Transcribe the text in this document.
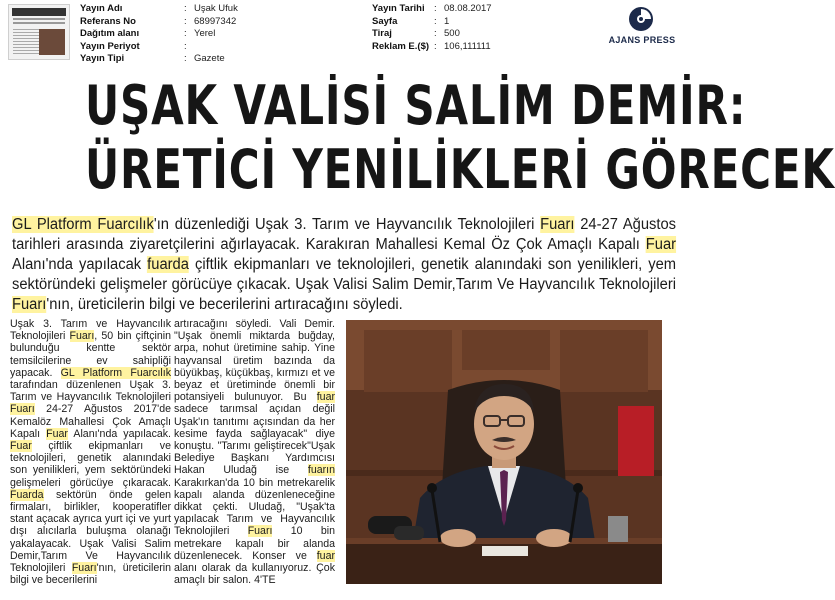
Yayın Adı	: Uşak Ufuk
Referans No	: 68997342
Dağıtım alanı	: Yerel
Yayın Periyot	:
Yayın Tipi	: Gazete
Yayın Tarihi : 08.08.2017
Sayfa	: 1
Tiraj	: 500
Reklam E.($) : 106,111111
AJANS PRESS
UŞAK VALİSİ SALİM DEMİR:
ÜRETİCİ YENİLİKLERİ GÖRECEK
GL Platform Fuarcılık'ın düzenlediği Uşak 3. Tarım ve Hayvancılık Teknolojileri Fuarı 24-27 Ağustos tarihleri arasında ziyaretçilerini ağırlayacak. Karakıran Mahallesi Kemal Öz Çok Amaçlı Kapalı Fuar Alanı'nda yapılacak fuarda çiftlik ekipmanları ve teknolojileri, genetik alanındaki son yenilikleri, yem sektöründeki gelişmeler görücüye çıkacak. Uşak Valisi Salim Demir,Tarım Ve Hayvancılık Teknolojileri Fuarı'nın, üreticilerin bilgi ve becerilerini artıracağını söyledi.
Uşak 3. Tarım ve Hayvancılık Teknolojileri Fuarı, 50 bin çiftçinin bulunduğu kentte sektör temsilcilerine ev sahipliği yapacak. GL Platform Fuarcılık tarafından düzenlenen Uşak 3. Tarım ve Hayvancılık Teknolojileri Fuarı 24-27 Ağustos 2017'de Kemalöz Mahallesi Çok Amaçlı Kapalı Fuar Alanı'nda yapılacak. Fuar çiftlik ekipmanları ve teknolojileri, genetik alanındaki son yenilikleri, yem sektöründeki gelişmeleri görücüye çıkaracak. Fuarda sektörün önde gelen firmaları, birlikler, kooperatifler stant açacak ayrıca yurt içi ve yurt dışı alıcılarla buluşma olanağı yakalayacak. Uşak Valisi Salim Demir,Tarım Ve Hayvancılık Teknolojileri Fuarı'nın, üreticilerin bilgi ve becerilerini
artıracağını söyledi. Vali Demir. "Uşak önemli miktarda buğday, arpa, nohut üretimine sahip. Yine hayvansal üretim bazında da büyükbaş, küçükbaş, kırmızı et ve beyaz et üretiminde önemli bir potansiyeli bulunuyor. Bu fuar sadece tarımsal açıdan değil Uşak'ın tanıtımı açısından da her kesime fayda sağlayacak" diye konuştu. "Tarımı geliştirecek"Uşak Belediye Başkanı Yardımcısı Hakan Uludağ ise fuarın Karakırkan'da 10 bin metrekarelik kapalı alanda düzenleneceğine dikkat çekti. Uludağ, "Uşak'ta yapılacak Tarım ve Hayvancılık Teknolojileri Fuarı 10 bin metrekare kapalı bir alanda düzenlenecek. Konser ve fuar alanı olarak da kullanıyoruz. Çok amaçlı bir salon. 4'TE
